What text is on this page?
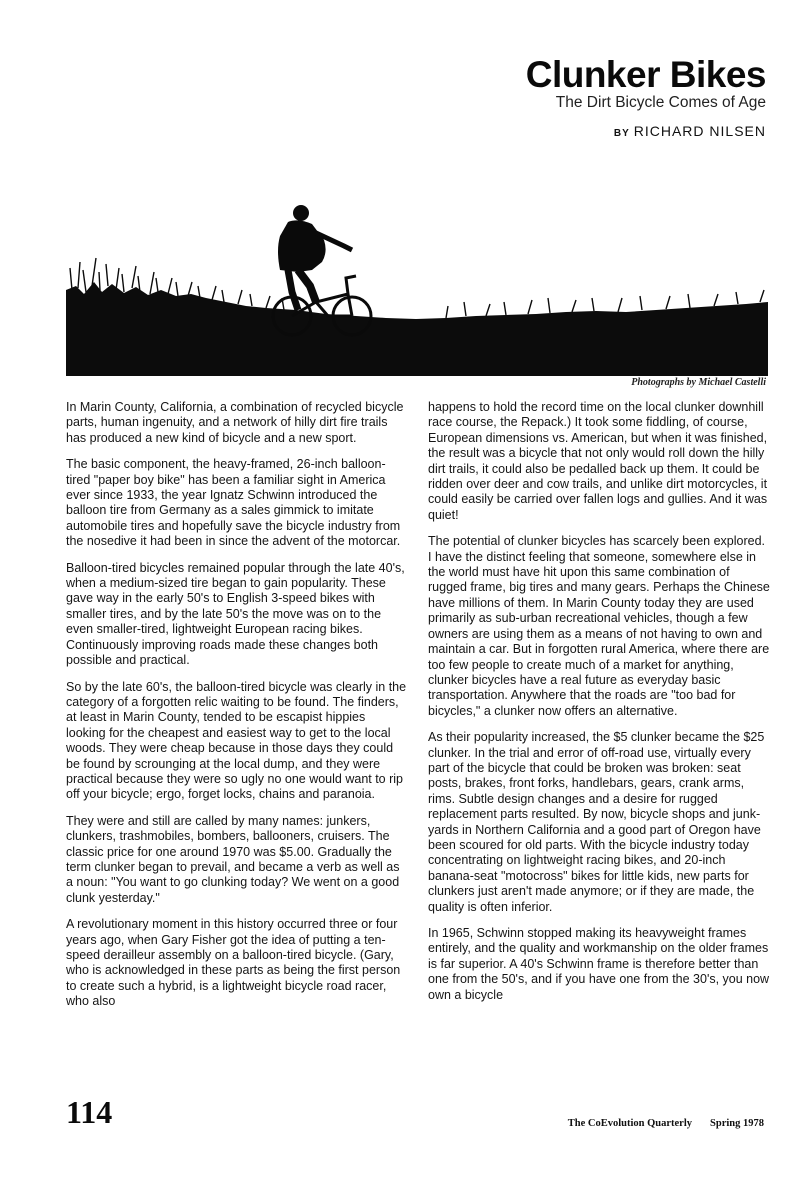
Clunker Bikes
The Dirt Bicycle Comes of Age
BY RICHARD NILSEN
Photographs by Michael Castelli

In Marin County, California, a combination of recycled bicycle parts, human ingenuity, and a network of hilly dirt fire trails has produced a new kind of bicycle and a new sport.

The basic component, the heavy-framed, 26-inch balloon-tired "paper boy bike" has been a familiar sight in America ever since 1933, the year Ignatz Schwinn introduced the balloon tire from Germany as a sales gimmick to imitate automobile tires and hopefully save the bicycle industry from the nosedive it had been in since the advent of the motorcar.

Balloon-tired bicycles remained popular through the late 40's, when a medium-sized tire began to gain popularity. These gave way in the early 50's to English 3-speed bikes with smaller tires, and by the late 50's the move was on to the even smaller-tired, lightweight European racing bikes. Continuously improving roads made these changes both possible and practical.

So by the late 60's, the balloon-tired bicycle was clearly in the category of a forgotten relic waiting to be found. The finders, at least in Marin County, tended to be escapist hippies looking for the cheapest and easiest way to get to the local woods. They were cheap because in those days they could be found by scrounging at the local dump, and they were practical because they were so ugly no one would want to rip off your bicycle; ergo, forget locks, chains and paranoia.

They were and still are called by many names: junkers, clunkers, trashmobiles, bombers, ballooners, cruisers. The classic price for one around 1970 was $5.00. Gradually the term clunker began to prevail, and became a verb as well as a noun: "You want to go clunking today? We went on a good clunk yesterday."

A revolutionary moment in this history occurred three or four years ago, when Gary Fisher got the idea of putting a ten-speed derailleur assembly on a balloon-tired bicycle. (Gary, who is acknowledged in these parts as being the first person to create such a hybrid, is a lightweight bicycle road racer, who also

happens to hold the record time on the local clunker downhill race course, the Repack.) It took some fiddling, of course, European dimensions vs. American, but when it was finished, the result was a bicycle that not only would roll down the hilly dirt trails, it could also be pedalled back up them. It could be ridden over deer and cow trails, and unlike dirt motorcycles, it could easily be carried over fallen logs and gullies. And it was quiet!

The potential of clunker bicycles has scarcely been explored. I have the distinct feeling that someone, somewhere else in the world must have hit upon this same combination of rugged frame, big tires and many gears. Perhaps the Chinese have millions of them. In Marin County today they are used primarily as sub-urban recreational vehicles, though a few owners are using them as a means of not having to own and maintain a car. But in forgotten rural America, where there are too few people to create much of a market for anything, clunker bicycles have a real future as everyday basic transportation. Anywhere that the roads are "too bad for bicycles," a clunker now offers an alternative.

As their popularity increased, the $5 clunker became the $25 clunker. In the trial and error of off-road use, virtually every part of the bicycle that could be broken was broken: seat posts, brakes, front forks, handlebars, gears, crank arms, rims. Subtle design changes and a desire for rugged replacement parts resulted. By now, bicycle shops and junk-yards in Northern California and a good part of Oregon have been scoured for old parts. With the bicycle industry today concentrating on lightweight racing bikes, and 20-inch banana-seat "motocross" bikes for little kids, new parts for clunkers just aren't made anymore; or if they are made, the quality is often inferior.

In 1965, Schwinn stopped making its heavyweight frames entirely, and the quality and workmanship on the older frames is far superior. A 40's Schwinn frame is therefore better than one from the 50's, and if you have one from the 30's, you now own a bicycle

114	The CoEvolution Quarterly Spring 1978
